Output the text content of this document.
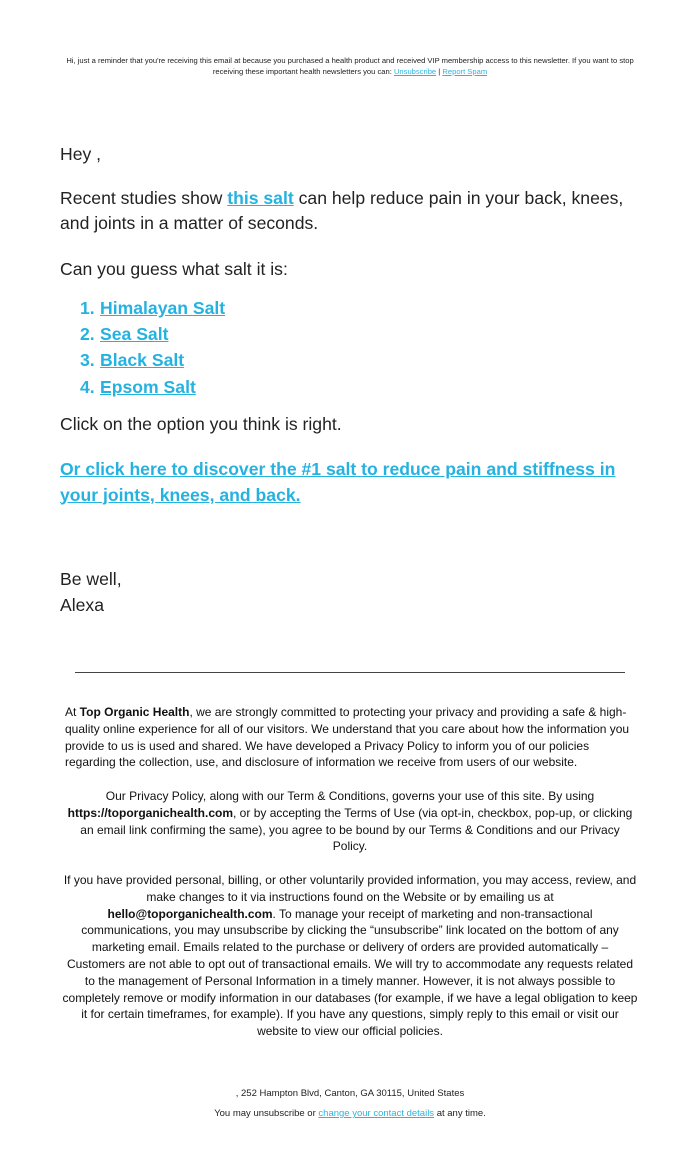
Hi, just a reminder that you're receiving this email at because you purchased a health product and received VIP membership access to this newsletter. If you want to stop receiving these important health newsletters you can: Unsubscribe | Report Spam
Hey ,
Recent studies show this salt can help reduce pain in your back, knees, and joints in a matter of seconds.
Can you guess what salt it is:
1. Himalayan Salt
2. Sea Salt
3. Black Salt
4. Epsom Salt
Click on the option you think is right.
Or click here to discover the #1 salt to reduce pain and stiffness in your joints, knees, and back.
Be well,
Alexa
At Top Organic Health, we are strongly committed to protecting your privacy and providing a safe & high-quality online experience for all of our visitors. We understand that you care about how the information you provide to us is used and shared. We have developed a Privacy Policy to inform you of our policies regarding the collection, use, and disclosure of information we receive from users of our website.
Our Privacy Policy, along with our Term & Conditions, governs your use of this site. By using https://toporganichealth.com, or by accepting the Terms of Use (via opt-in, checkbox, pop-up, or clicking an email link confirming the same), you agree to be bound by our Terms & Conditions and our Privacy Policy.
If you have provided personal, billing, or other voluntarily provided information, you may access, review, and make changes to it via instructions found on the Website or by emailing us at hello@toporganichealth.com. To manage your receipt of marketing and non-transactional communications, you may unsubscribe by clicking the “unsubscribe” link located on the bottom of any marketing email. Emails related to the purchase or delivery of orders are provided automatically – Customers are not able to opt out of transactional emails. We will try to accommodate any requests related to the management of Personal Information in a timely manner. However, it is not always possible to completely remove or modify information in our databases (for example, if we have a legal obligation to keep it for certain timeframes, for example). If you have any questions, simply reply to this email or visit our website to view our official policies.
, 252 Hampton Blvd, Canton, GA 30115, United States
You may unsubscribe or change your contact details at any time.
